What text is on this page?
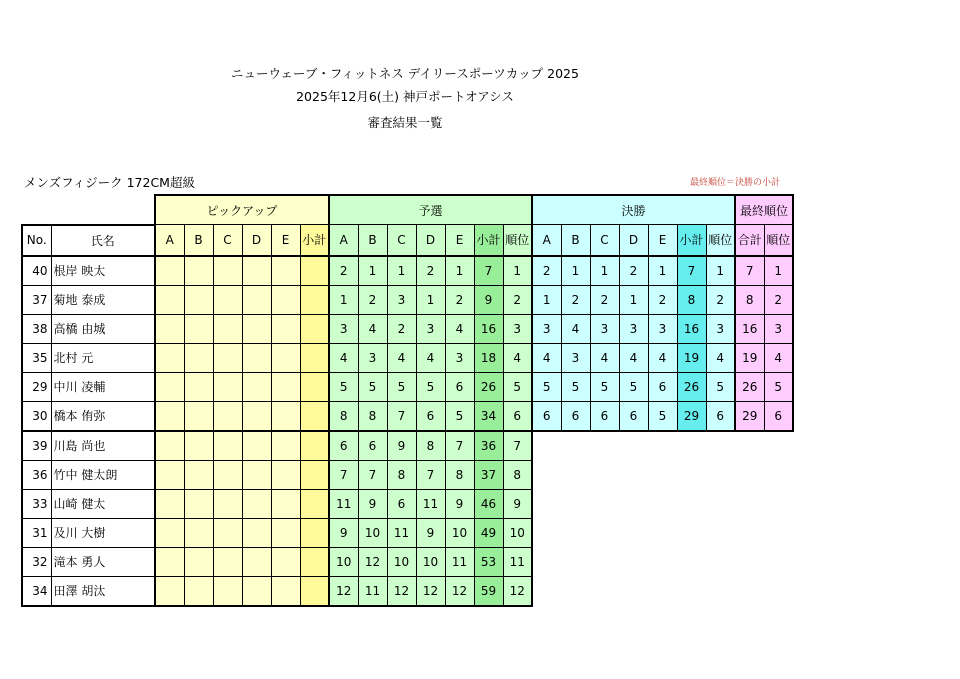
ニューウェーブ・フィットネス デイリースポーツカップ 2025
2025年12月6(土) 神戸ポートオアシス
審査結果一覧
メンズフィジーク 172CM超級	最終順位＝決勝の小計
		ピックアップ						予選							決勝							最終順位	
No.	氏名	A	B	C	D	E	小計	A	B	C	D	E	小計	順位	A	B	C	D	E	小計	順位	合計	順位
40	根岸 映太							2	1	1	2	1	7	1	2	1	1	2	1	7	1	7	1
37	菊地 泰成							1	2	3	1	2	9	2	1	2	2	1	2	8	2	8	2
38	高橋 由城							3	4	2	3	4	16	3	3	4	3	3	3	16	3	16	3
35	北村 元							4	3	4	4	3	18	4	4	3	4	4	4	19	4	19	4
29	中川 凌輔							5	5	5	5	6	26	5	5	5	5	5	6	26	5	26	5
30	橋本 侑弥							8	8	7	6	5	34	6	6	6	6	6	5	29	6	29	6
39	川島 尚也							6	6	9	8	7	36	7									
36	竹中 健太朗							7	7	8	7	8	37	8									
33	山崎 健太							11	9	6	11	9	46	9									
31	及川 大樹							9	10	11	9	10	49	10									
32	滝本 勇人							10	12	10	10	11	53	11									
34	田澤 胡汰							12	11	12	12	12	59	12									
